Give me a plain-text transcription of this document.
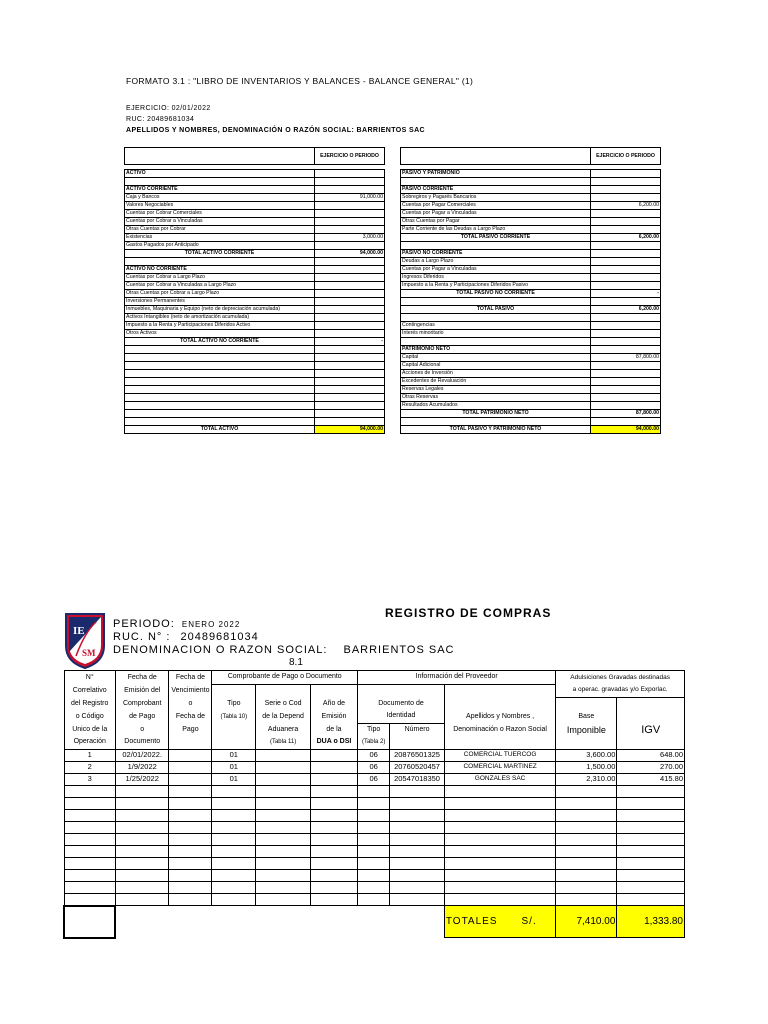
FORMATO 3.1 : "LIBRO DE INVENTARIOS Y BALANCES - BALANCE GENERAL" (1)
EJERCICIO: 02/01/2022
RUC: 20489681034
APELLIDOS Y NOMBRES, DENOMINACIÓN O RAZÓN SOCIAL: BARRIENTOS SAC
	EJERCICIO O PERIODO

ACTIVO	

ACTIVO CORRIENTE	
Caja y Bancos	91,000.00
Valores Negociables	
Cuentas por Cobrar Comerciales	
Cuentas por Cobrar a Vinculadas	
Otras Cuentas por Cobrar	
Existencias	3,000.00
Gastos Pagados por Anticipado	
TOTAL ACTIVO CORRIENTE	94,000.00

ACTIVO NO CORRIENTE	
Cuentas por Cobrar a Largo Plazo	
Cuentas por Cobrar a Vinculadas a Largo Plazo	
Otras Cuentas por Cobrar a Largo Plazo	
Inversiones Permanentes	
Inmuebles, Maquinaria y Equipo (neto de depreciación acumulada)	
Activos Intangibles (neto de amortización acumulada)	
Impuesto a la Renta y Participaciones Diferidos Activo	
Otros Activos	
TOTAL ACTIVO NO CORRIENTE	-

TOTAL ACTIVO	94,000.00
	EJERCICIO O PERIODO

PASIVO Y PATRIMONIO	

PASIVO CORRIENTE	
Sobregiros y Pagarés Bancarios	
Cuentas por Pagar Comerciales	6,200.00
Cuentas por Pagar a Vinculadas	
Otras Cuentas por Pagar	
Parte Corriente de las Deudas a Largo Plazo	
TOTAL PASIVO CORRIENTE	6,200.00

PASIVO NO CORRIENTE	
Deudas a Largo Plazo	
Cuentas por Pagar a Vinculadas	
Ingresos Diferidos	
Impuesto a la Renta y Participaciones Diferidos Pasivo	
TOTAL PASIVO NO CORRIENTE	-

TOTAL PASIVO	6,200.00

Contingencias	
Interés minoritario	

PATRIMONIO NETO	
Capital	87,800.00
Capital Adicional	
Acciones de Inversión	
Excedentes de Revaluación	
Reservas Legales	
Otras Reservas	
Resultados Acumulados	
TOTAL PATRIMONIO NETO	87,800.00

TOTAL PASIVO Y PATRIMONIO NETO	94,000.00
REGISTRO DE COMPRAS
IE
SM
PERIODO: ENERO 2022
RUC. N° : 20489681034
DENOMINACION O RAZON SOCIAL: BARRIENTOS SAC
8.1
N°	Fecha de	Fecha de	Comprobante de Pago o Documento			Información del Proveedor			Adulsiciones Gravadas destinadas	
Correlativo	Emisión del	Vencimiento							a operac. gravadas y/o Exporlac.	
del Registro	Comprobant	o	Tipo	Serie o Cod	Año de	Documento de				
o Código	de Pago	Fecha de	(Tabla 10)	de la Depend	Emisión	Identidad		Apellidos y Nombres ,	Base	
Unico de la	o	Pago		Aduanera	de la	Tipo	Número	Denominación o Razon Social	Imponible	IGV
Operación	Documento			(Tabla 11)	DUA o DSI	(Tabla 2)				
1	02/01/2022.		01			06	20876501325	COMERCIAL TUERCOG	3,600.00	648.00
2	1/9/2022		01			06	20760520457	COMERCIAL MARTINEZ	1,500.00	270.00
3	1/25/2022		01			06	20547018350	GONZALES SAC	2,310.00	415.80

								TOTALES S/.	7,410.00	1,333.80
